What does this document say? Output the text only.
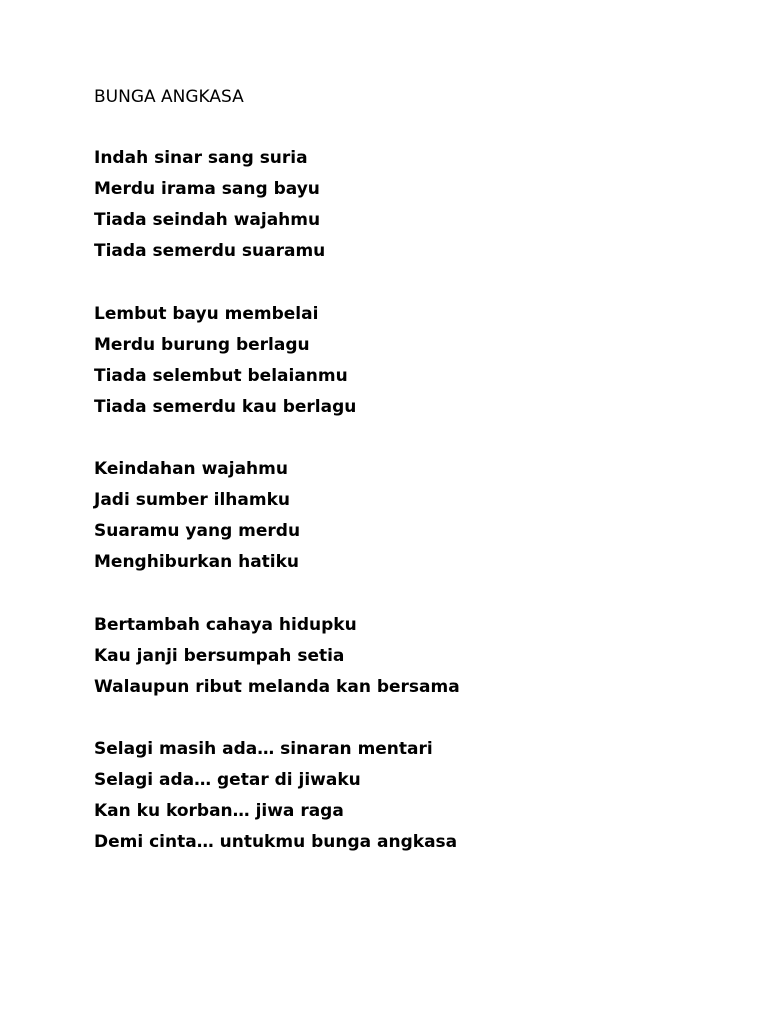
BUNGA ANGKASA
Indah sinar sang suria
Merdu irama sang bayu
Tiada seindah wajahmu
Tiada semerdu suaramu
Lembut bayu membelai
Merdu burung berlagu
Tiada selembut belaianmu
Tiada semerdu kau berlagu
Keindahan wajahmu
Jadi sumber ilhamku
Suaramu yang merdu
Menghiburkan hatiku
Bertambah cahaya hidupku
Kau janji bersumpah setia
Walaupun ribut melanda kan bersama
Selagi masih ada… sinaran mentari
Selagi ada… getar di jiwaku
Kan ku korban… jiwa raga
Demi cinta… untukmu bunga angkasa
